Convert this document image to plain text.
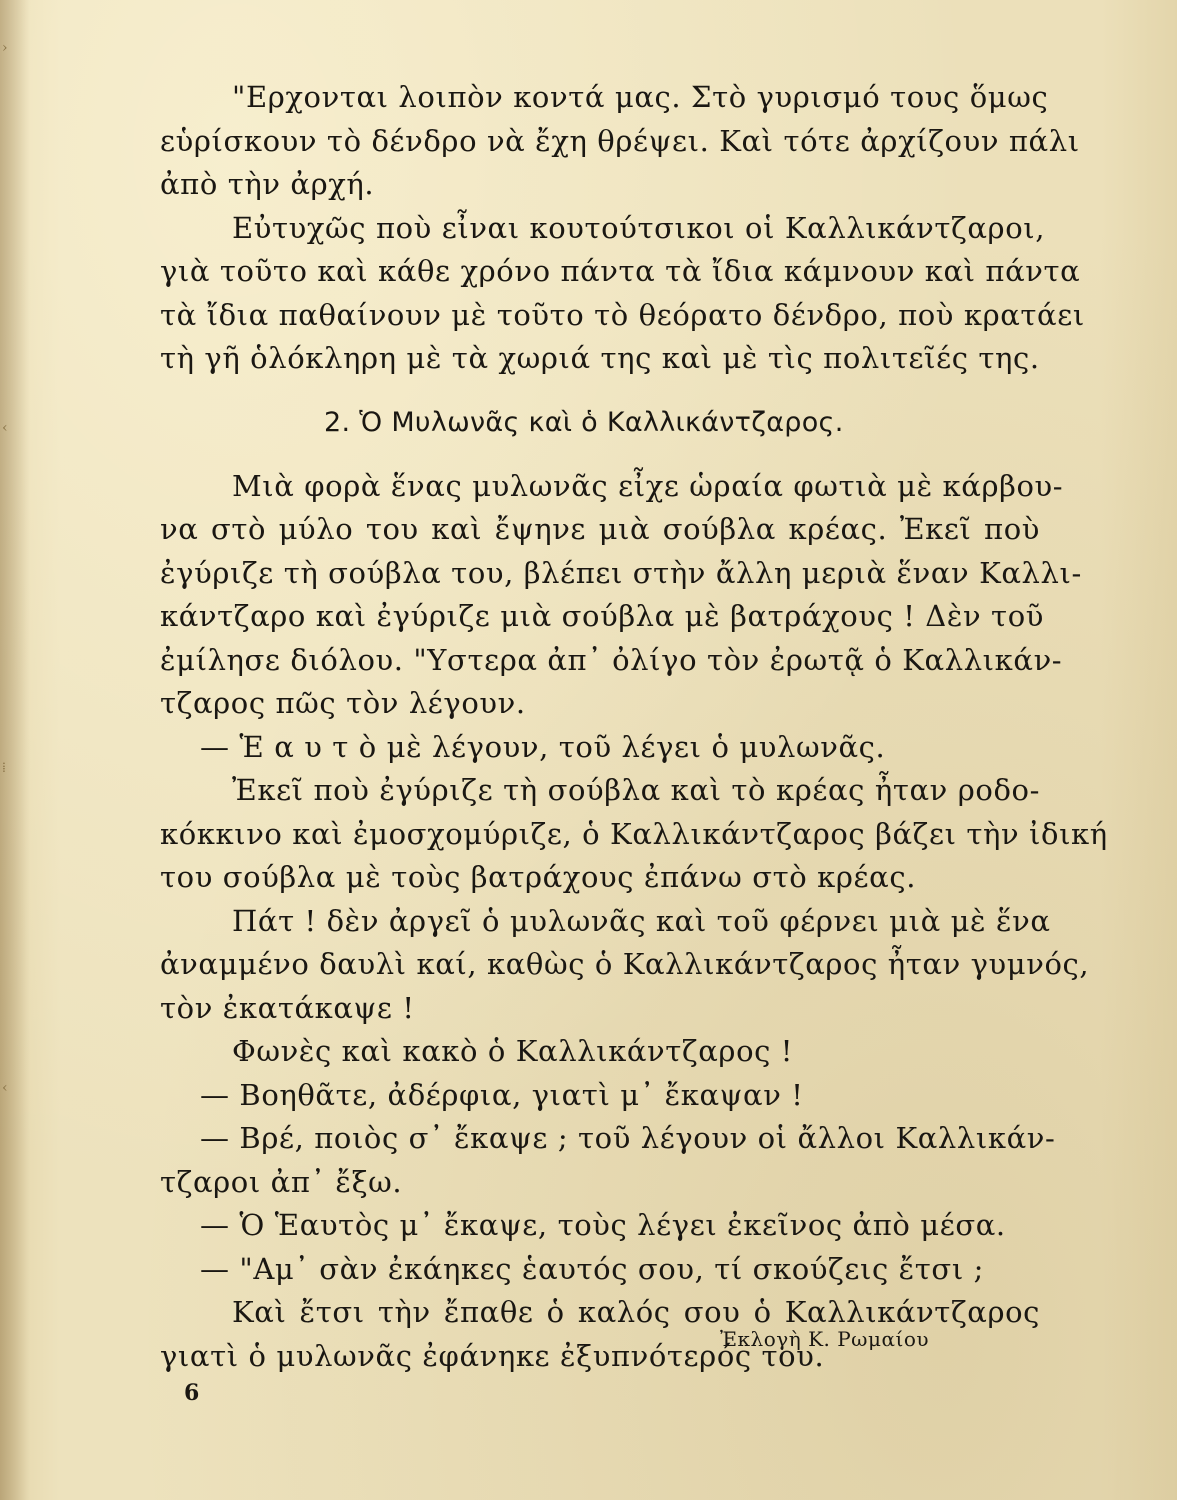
›
‹
⁞
‹
"Ερχονται λοιπὸν κοντά μας. Στὸ γυρισμό τους ὅμως
εὑρίσκουν τὸ δένδρο νὰ ἔχη θρέψει. Καὶ τότε ἀρχίζουν πάλι
ἀπὸ τὴν ἀρχή.
Εὐτυχῶς ποὺ εἶναι κουτούτσικοι οἱ Καλλικάντζαροι,
γιὰ τοῦτο καὶ κάθε χρόνο πάντα τὰ ἴδια κάμνουν καὶ πάντα
τὰ ἴδια παθαίνουν μὲ τοῦτο τὸ θεόρατο δένδρο, ποὺ κρατάει
τὴ γῆ ὁλόκληρη μὲ τὰ χωριά της καὶ μὲ τὶς πολιτεῖές της.
2. Ὁ Μυλωνᾶς καὶ ὁ Καλλικάντζαρος.
Μιὰ φορὰ ἕνας μυλωνᾶς εἶχε ὡραία φωτιὰ μὲ κάρβου-
να στὸ μύλο του καὶ ἔψηνε μιὰ σούβλα κρέας. Ἐκεῖ ποὺ
ἐγύριζε τὴ σούβλα του, βλέπει στὴν ἄλλη μεριὰ ἕναν Καλλι-
κάντζαρο καὶ ἐγύριζε μιὰ σούβλα μὲ βατράχους ! Δὲν τοῦ
ἐμίλησε διόλου. "Υστερα ἀπ᾿ ὀλίγο τὸν ἐρωτᾷ ὁ Καλλικάν-
τζαρος πῶς τὸν λέγουν.
— Ἑ α υ τ ὸ μὲ λέγουν, τοῦ λέγει ὁ μυλωνᾶς.
Ἐκεῖ ποὺ ἐγύριζε τὴ σούβλα καὶ τὸ κρέας ἦταν ροδο-
κόκκινο καὶ ἐμοσχομύριζε, ὁ Καλλικάντζαρος βάζει τὴν ἰδική
του σούβλα μὲ τοὺς βατράχους ἐπάνω στὸ κρέας.
Πάτ ! δὲν ἀργεῖ ὁ μυλωνᾶς καὶ τοῦ φέρνει μιὰ μὲ ἕνα
ἀναμμένο δαυλὶ καί, καθὼς ὁ Καλλικάντζαρος ἦταν γυμνός,
τὸν ἐκατάκαψε !
Φωνὲς καὶ κακὸ ὁ Καλλικάντζαρος !
— Βοηθᾶτε, ἀδέρφια, γιατὶ μ᾿ ἔκαψαν !
— Βρέ, ποιὸς σ᾿ ἔκαψε ; τοῦ λέγουν οἱ ἄλλοι Καλλικάν-
τζαροι ἀπ᾿ ἔξω.
— Ὁ Ἑαυτὸς μ᾿ ἔκαψε, τοὺς λέγει ἐκεῖνος ἀπὸ μέσα.
— "Αμ᾿ σὰν ἐκάηκες ἑαυτός σου, τί σκούζεις ἔτσι ;
Καὶ ἔτσι τὴν ἔπαθε ὁ καλός σου ὁ Καλλικάντζαρος
γιατὶ ὁ μυλωνᾶς ἐφάνηκε ἐξυπνότερός του.
Ἐκλογὴ Κ. Ρωμαίου
6
